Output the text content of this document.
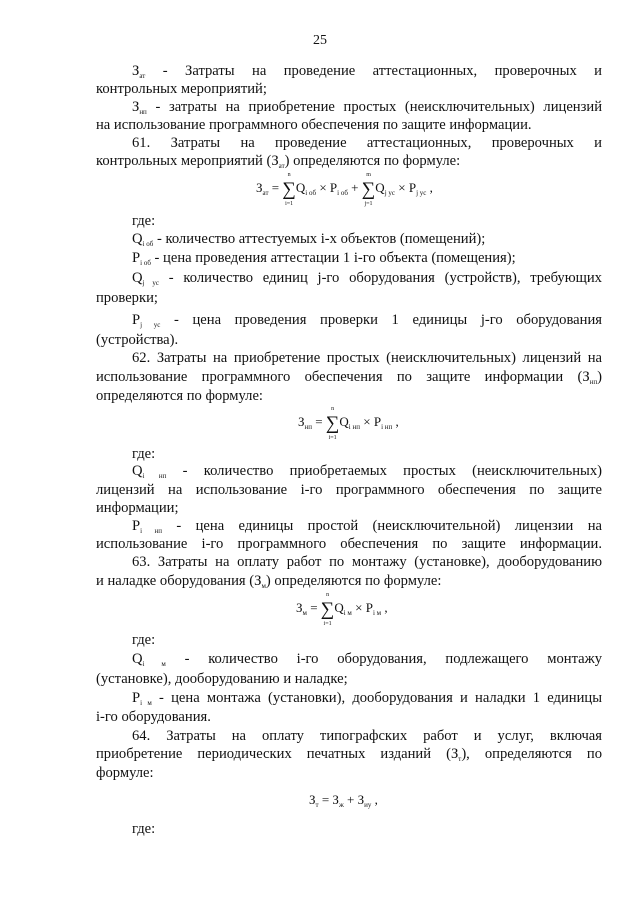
25
$З_{ат}$ - Затраты на проведение аттестационных, проверочных и
контрольных мероприятий;
$З_{нп}$ - затраты на приобретение простых (неисключительных) лицензий
на использование программного обеспечения по защите информации.
61. Затраты на проведение аттестационных, проверочных и
контрольных мероприятий $(З_{ат})$ определяются по формуле:
$З_{ат}$ = ∑
n
i=1
$Q_{i об} \times P_{i об}$ + ∑
m
j=1
$Q_{j ус} \times P_{j ус}$ ,
где:
$Q_{i об}$ - количество аттестуемых i-х объектов (помещений);
$P_{i об}$ - цена проведения аттестации 1 i-го объекта (помещения);
$Q_{j ус}$ - количество единиц j-го оборудования (устройств), требующих
проверки;
$P_{j ус}$ - цена проведения проверки 1 единицы j-го оборудования
(устройства).
62. Затраты на приобретение простых (неисключительных) лицензий на
использование программного обеспечения по защите информации $(З_{нп})$
определяются по формуле:
$З_{нп}$ = ∑
n
i=1
$Q_{i нп} \times P_{i нп}$ ,
где:
$Q_{i нп}$ - количество приобретаемых простых (неисключительных)
лицензий на использование i-го программного обеспечения по защите
информации;
$P_{i нп}$ - цена единицы простой (неисключительной) лицензии на
использование i-го программного обеспечения по защите информации.
63. Затраты на оплату работ по монтажу (установке), дооборудованию
и наладке оборудования $(З_м)$ определяются по формуле:
$З_м$ = ∑
n
i=1
$Q_{i м} \times P_{i м}$ ,
где:
$Q_{i м}$ - количество i-го оборудования, подлежащего монтажу
(установке), дооборудованию и наладке;
$P_{i м}$ - цена монтажа (установки), дооборудования и наладки 1 единицы
i-го оборудования.
64. Затраты на оплату типографских работ и услуг, включая
приобретение периодических печатных изданий $(З_т)$, определяются по
формуле:
$З_т = З_ж + З_{иу}$ ,
где:
